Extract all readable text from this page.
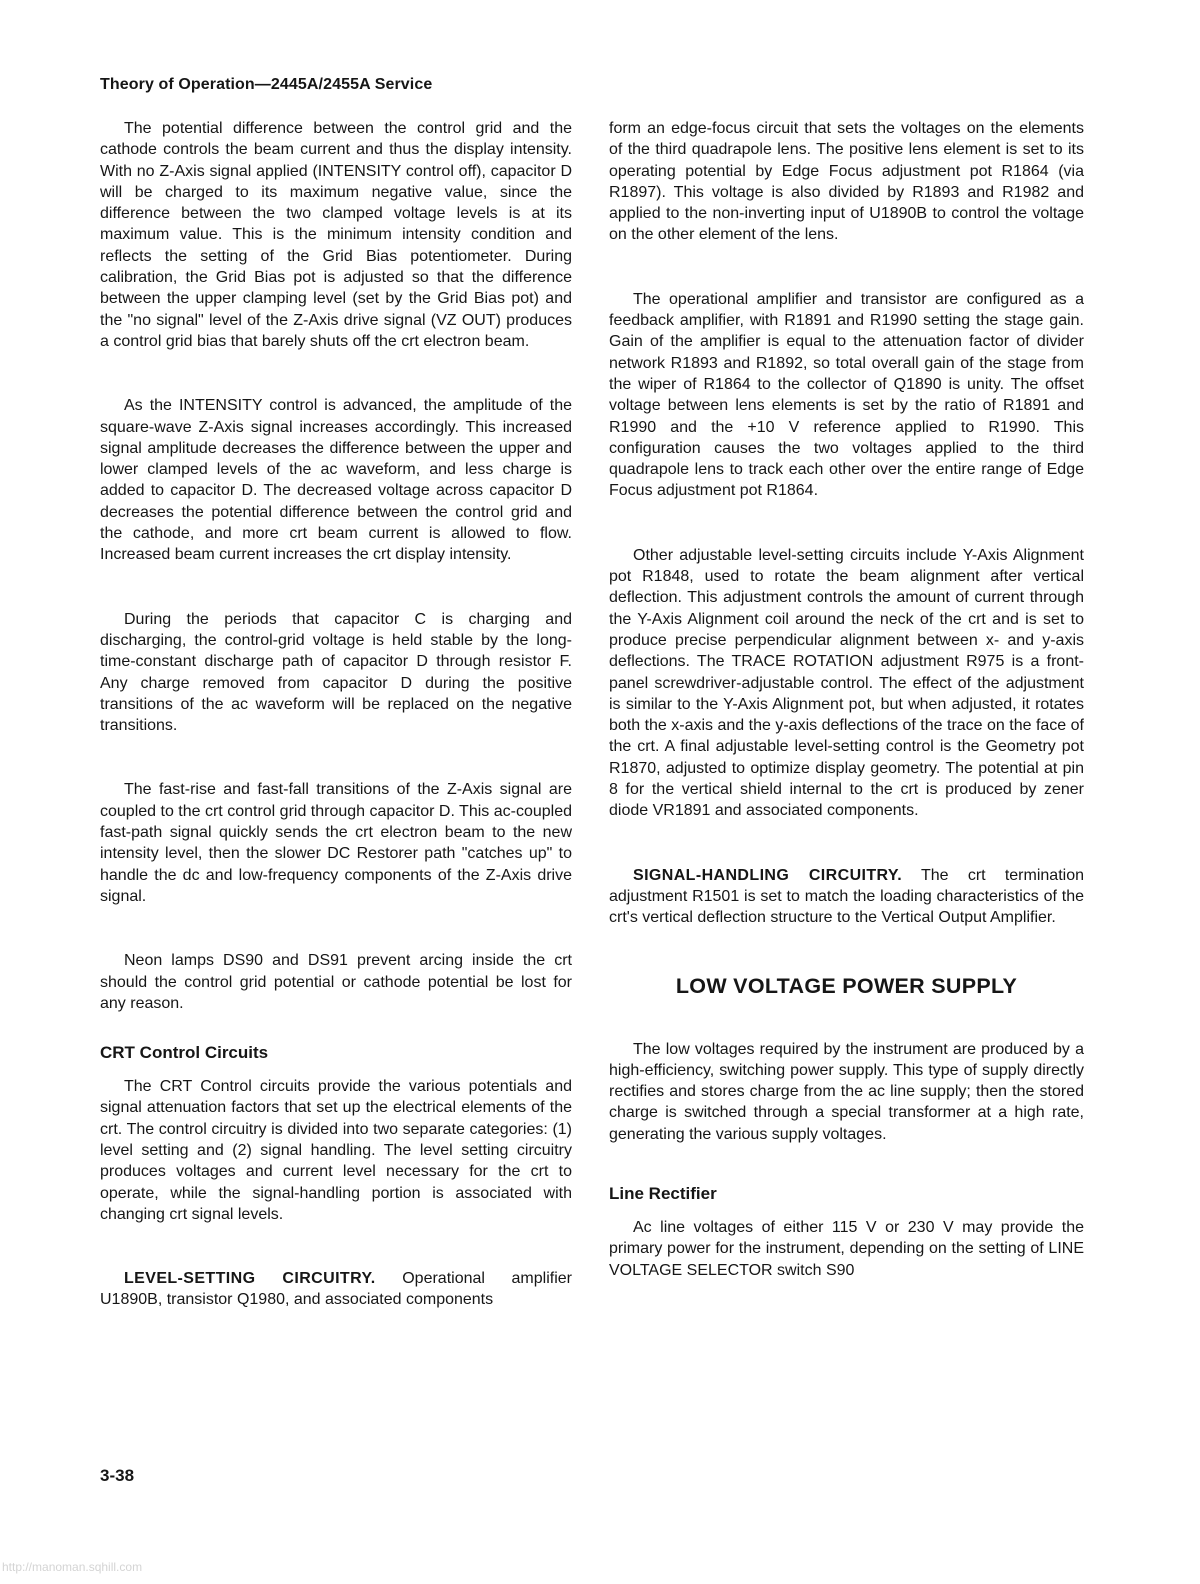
Theory of Operation—2445A/2455A Service

The potential difference between the control grid and the cathode controls the beam current and thus the display intensity. With no Z-Axis signal applied (INTENSITY control off), capacitor D will be charged to its maximum negative value, since the difference between the two clamped voltage levels is at its maximum value. This is the minimum intensity condition and reflects the setting of the Grid Bias potentiometer. During calibration, the Grid Bias pot is adjusted so that the difference between the upper clamping level (set by the Grid Bias pot) and the "no signal" level of the Z-Axis drive signal (VZ OUT) produces a control grid bias that barely shuts off the crt electron beam.

As the INTENSITY control is advanced, the amplitude of the square-wave Z-Axis signal increases accordingly. This increased signal amplitude decreases the difference between the upper and lower clamped levels of the ac waveform, and less charge is added to capacitor D. The decreased voltage across capacitor D decreases the potential difference between the control grid and the cathode, and more crt beam current is allowed to flow. Increased beam current increases the crt display intensity.

During the periods that capacitor C is charging and discharging, the control-grid voltage is held stable by the long-time-constant discharge path of capacitor D through resistor F. Any charge removed from capacitor D during the positive transitions of the ac waveform will be replaced on the negative transitions.

The fast-rise and fast-fall transitions of the Z-Axis signal are coupled to the crt control grid through capacitor D. This ac-coupled fast-path signal quickly sends the crt electron beam to the new intensity level, then the slower DC Restorer path "catches up" to handle the dc and low-frequency components of the Z-Axis drive signal.

Neon lamps DS90 and DS91 prevent arcing inside the crt should the control grid potential or cathode potential be lost for any reason.

CRT Control Circuits

The CRT Control circuits provide the various potentials and signal attenuation factors that set up the electrical elements of the crt. The control circuitry is divided into two separate categories: (1) level setting and (2) signal handling. The level setting circuitry produces voltages and current level necessary for the crt to operate, while the signal-handling portion is associated with changing crt signal levels.

LEVEL-SETTING CIRCUITRY. Operational amplifier U1890B, transistor Q1980, and associated components

form an edge-focus circuit that sets the voltages on the elements of the third quadrapole lens. The positive lens element is set to its operating potential by Edge Focus adjustment pot R1864 (via R1897). This voltage is also divided by R1893 and R1982 and applied to the non-inverting input of U1890B to control the voltage on the other element of the lens.

The operational amplifier and transistor are configured as a feedback amplifier, with R1891 and R1990 setting the stage gain. Gain of the amplifier is equal to the attenuation factor of divider network R1893 and R1892, so total overall gain of the stage from the wiper of R1864 to the collector of Q1890 is unity. The offset voltage between lens elements is set by the ratio of R1891 and R1990 and the +10 V reference applied to R1990. This configuration causes the two voltages applied to the third quadrapole lens to track each other over the entire range of Edge Focus adjustment pot R1864.

Other adjustable level-setting circuits include Y-Axis Alignment pot R1848, used to rotate the beam alignment after vertical deflection. This adjustment controls the amount of current through the Y-Axis Alignment coil around the neck of the crt and is set to produce precise perpendicular alignment between x- and y-axis deflections. The TRACE ROTATION adjustment R975 is a front-panel screwdriver-adjustable control. The effect of the adjustment is similar to the Y-Axis Alignment pot, but when adjusted, it rotates both the x-axis and the y-axis deflections of the trace on the face of the crt. A final adjustable level-setting control is the Geometry pot R1870, adjusted to optimize display geometry. The potential at pin 8 for the vertical shield internal to the crt is produced by zener diode VR1891 and associated components.

SIGNAL-HANDLING CIRCUITRY. The crt termination adjustment R1501 is set to match the loading characteristics of the crt's vertical deflection structure to the Vertical Output Amplifier.

LOW VOLTAGE POWER SUPPLY

The low voltages required by the instrument are produced by a high-efficiency, switching power supply. This type of supply directly rectifies and stores charge from the ac line supply; then the stored charge is switched through a special transformer at a high rate, generating the various supply voltages.

Line Rectifier

Ac line voltages of either 115 V or 230 V may provide the primary power for the instrument, depending on the setting of LINE VOLTAGE SELECTOR switch S90

3-38
http://manoman.sqhill.com
